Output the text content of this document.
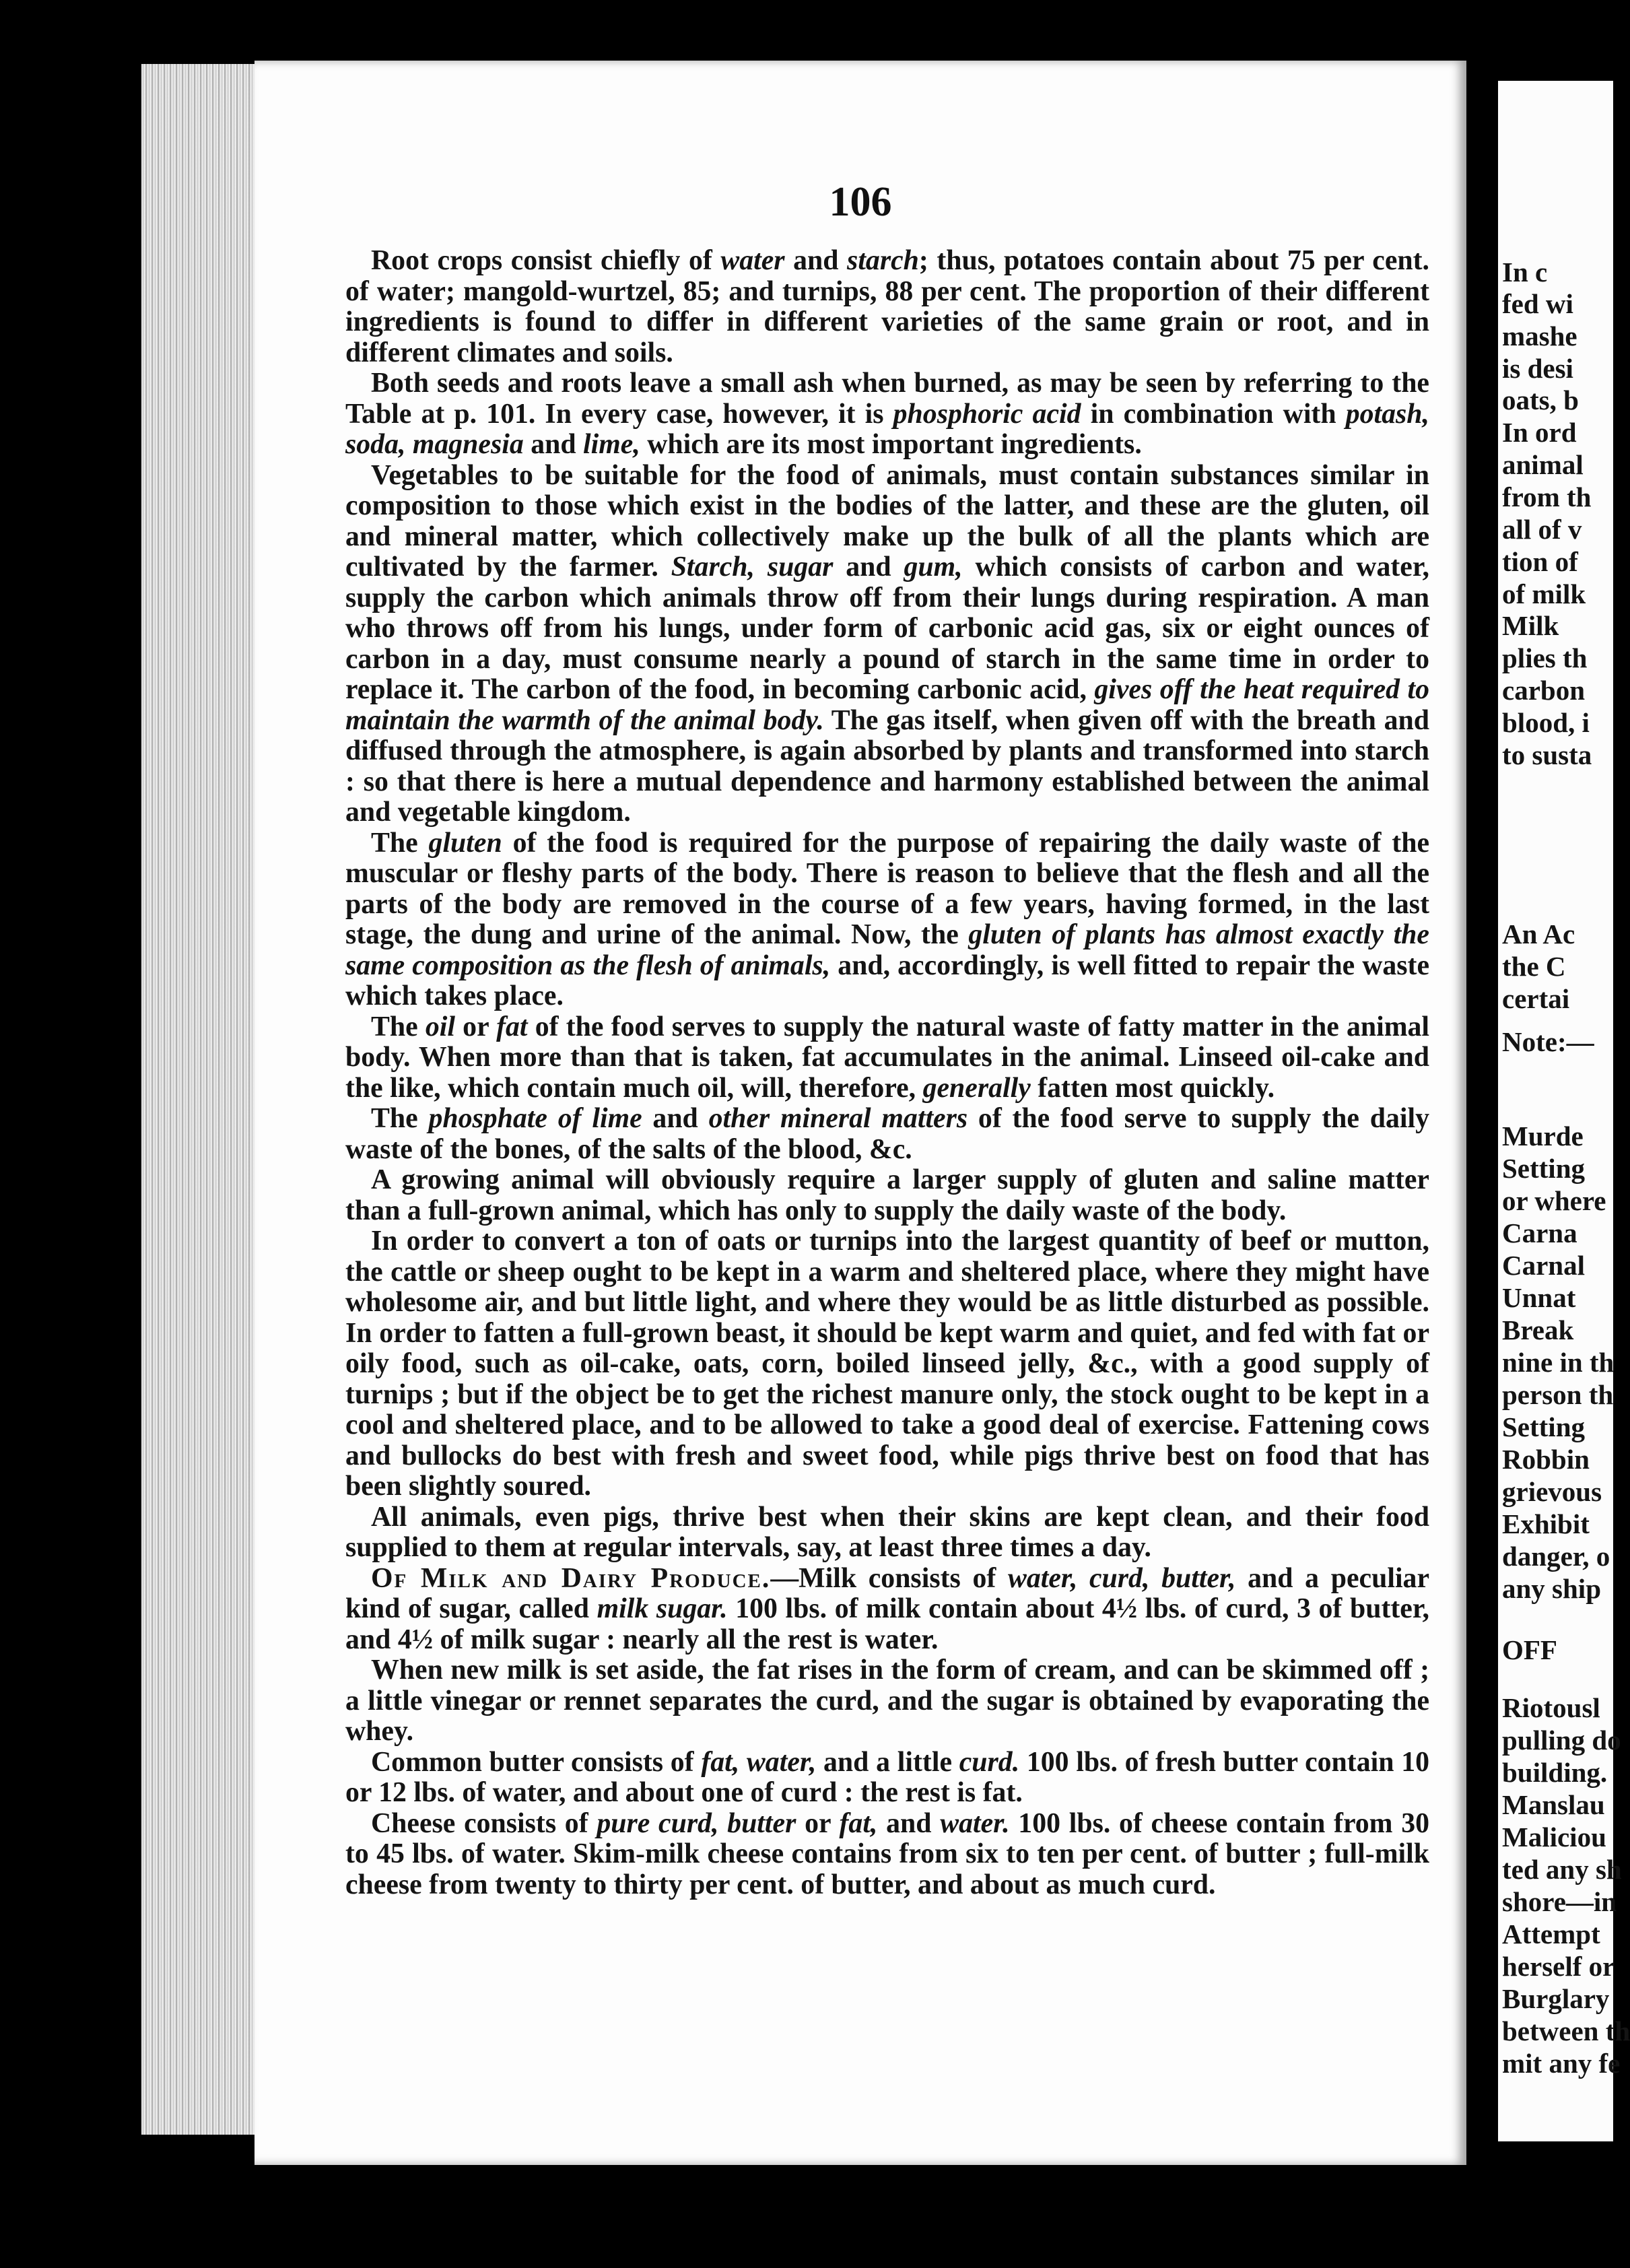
106

Root crops consist chiefly of water and starch; thus, potatoes contain about 75 per cent. of water; mangold-wurtzel, 85; and turnips, 88 per cent. The proportion of their different ingredients is found to differ in different varieties of the same grain or root, and in different climates and soils.

Both seeds and roots leave a small ash when burned, as may be seen by referring to the Table at p. 101. In every case, however, it is phosphoric acid in combination with potash, soda, magnesia and lime, which are its most important ingredients.

Vegetables to be suitable for the food of animals, must contain substances similar in composition to those which exist in the bodies of the latter, and these are the gluten, oil and mineral matter, which collectively make up the bulk of all the plants which are cultivated by the farmer. Starch, sugar and gum, which consists of carbon and water, supply the carbon which animals throw off from their lungs during respiration. A man who throws off from his lungs, under form of carbonic acid gas, six or eight ounces of carbon in a day, must consume nearly a pound of starch in the same time in order to replace it. The carbon of the food, in becoming carbonic acid, gives off the heat required to maintain the warmth of the animal body. The gas itself, when given off with the breath and diffused through the atmosphere, is again absorbed by plants and transformed into starch : so that there is here a mutual dependence and harmony established between the animal and vegetable kingdom.

The gluten of the food is required for the purpose of repairing the daily waste of the muscular or fleshy parts of the body. There is reason to believe that the flesh and all the parts of the body are removed in the course of a few years, having formed, in the last stage, the dung and urine of the animal. Now, the gluten of plants has almost exactly the same composition as the flesh of animals, and, accordingly, is well fitted to repair the waste which takes place.

The oil or fat of the food serves to supply the natural waste of fatty matter in the animal body. When more than that is taken, fat accumulates in the animal. Linseed oil-cake and the like, which contain much oil, will, therefore, generally fatten most quickly.

The phosphate of lime and other mineral matters of the food serve to supply the daily waste of the bones, of the salts of the blood, &c.

A growing animal will obviously require a larger supply of gluten and saline matter than a full-grown animal, which has only to supply the daily waste of the body.

In order to convert a ton of oats or turnips into the largest quantity of beef or mutton, the cattle or sheep ought to be kept in a warm and sheltered place, where they might have wholesome air, and but little light, and where they would be as little disturbed as possible. In order to fatten a full-grown beast, it should be kept warm and quiet, and fed with fat or oily food, such as oil-cake, oats, corn, boiled linseed jelly, &c., with a good supply of turnips ; but if the object be to get the richest manure only, the stock ought to be kept in a cool and sheltered place, and to be allowed to take a good deal of exercise. Fattening cows and bullocks do best with fresh and sweet food, while pigs thrive best on food that has been slightly soured.

All animals, even pigs, thrive best when their skins are kept clean, and their food supplied to them at regular intervals, say, at least three times a day.

Of Milk and Dairy Produce.—Milk consists of water, curd, butter, and a peculiar kind of sugar, called milk sugar. 100 lbs. of milk contain about 4½ lbs. of curd, 3 of butter, and 4½ of milk sugar : nearly all the rest is water.

When new milk is set aside, the fat rises in the form of cream, and can be skimmed off ; a little vinegar or rennet separates the curd, and the sugar is obtained by evaporating the whey.

Common butter consists of fat, water, and a little curd. 100 lbs. of fresh butter contain 10 or 12 lbs. of water, and about one of curd : the rest is fat.

Cheese consists of pure curd, butter or fat, and water. 100 lbs. of cheese contain from 30 to 45 lbs. of water. Skim-milk cheese contains from six to ten per cent. of butter ; full-milk cheese from twenty to thirty per cent. of butter, and about as much curd.

In c
fed wi
mashe
is desi
oats, b
In ord
animal
from th
all of v
tion of
of milk
Milk
plies th
carbon
blood, i
to susta
An Ac
the C
certai
Note:—
Murde
Setting
or where
Carna
Carnal
Unnat
Break
nine in th
person th
Setting
Robbin
grievous
Exhibit
danger, o
any ship
OFF
Riotousl
pulling do
building.
Manslau
Maliciou
ted any sh
shore—in
Attempt
herself or
Burglary
between th
mit any fe
